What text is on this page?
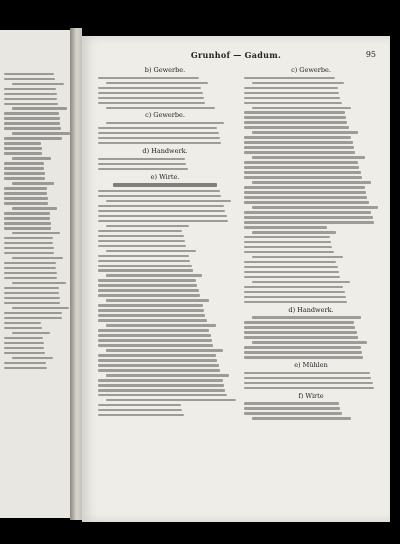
Grunhof — Gadum.	95
b) Gewerbe.
c) Gewerbe.
d) Handwerk.
e) Wirte.
c) Gewerbe.
d) Handwerk.
e) Mühlen
f) Wirte
